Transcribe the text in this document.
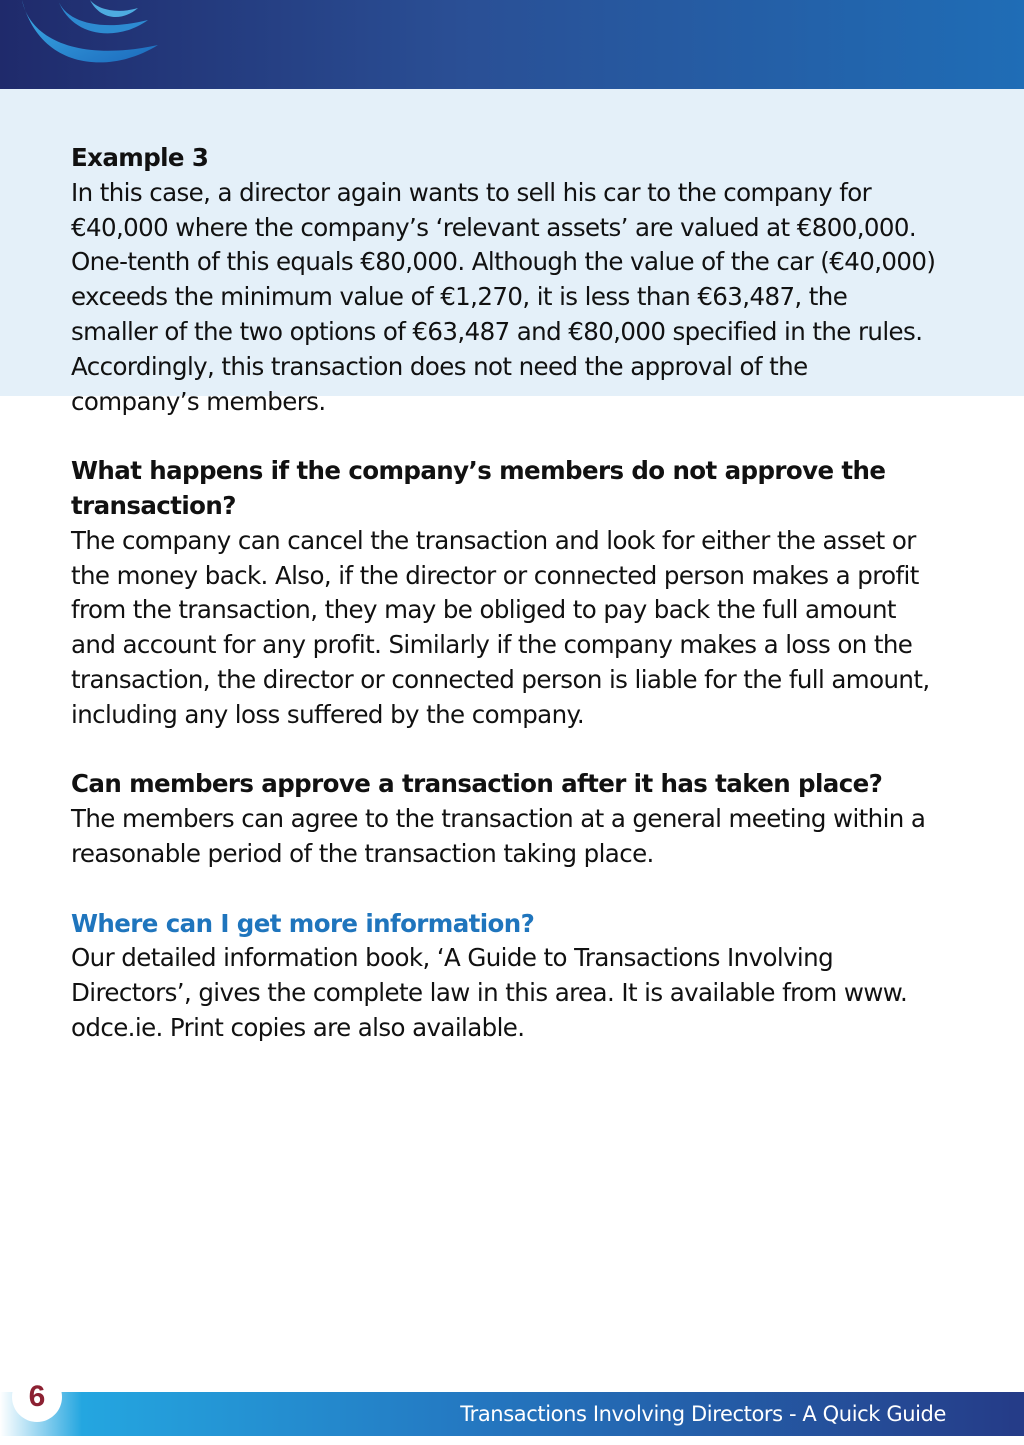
Example 3

In this case, a director again wants to sell his car to the company for

€40,000 where the company’s ‘relevant assets’ are valued at €800,000.

One-tenth of this equals €80,000. Although the value of the car (€40,000)

exceeds the minimum value of €1,270, it is less than €63,487, the

smaller of the two options of €63,487 and €80,000 specified in the rules.

Accordingly, this transaction does not need the approval of the

company’s members.

What happens if the company’s members do not approve the

transaction?

The company can cancel the transaction and look for either the asset or

the money back. Also, if the director or connected person makes a profit

from the transaction, they may be obliged to pay back the full amount

and account for any profit. Similarly if the company makes a loss on the

transaction, the director or connected person is liable for the full amount,

including any loss suffered by the company.

Can members approve a transaction after it has taken place?

The members can agree to the transaction at a general meeting within a

reasonable period of the transaction taking place.

Where can I get more information?

Our detailed information book, ‘A Guide to Transactions Involving

Directors’, gives the complete law in this area. It is available from www.

odce.ie. Print copies are also available.

6
Transactions Involving Directors - A Quick Guide
